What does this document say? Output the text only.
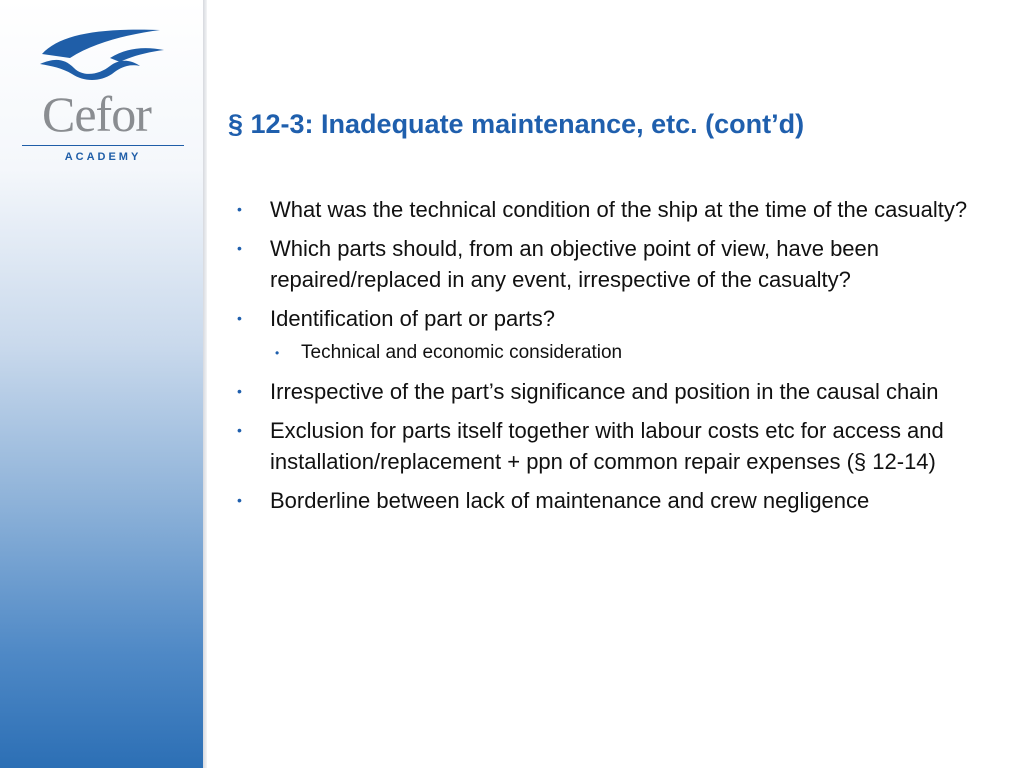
Cefor
ACADEMY
§ 12-3: Inadequate maintenance, etc. (cont’d)
• What was the technical condition of the ship at the time of the casualty?
• Which parts should, from an objective point of view, have been repaired/replaced in any event, irrespective of the casualty?
• Identification of part or parts?
• Technical and economic consideration
• Irrespective of the part’s significance and position in the causal chain
• Exclusion for parts itself together with labour costs etc for access and installation/replacement + ppn of common repair expenses (§ 12-14)
• Borderline between lack of maintenance and crew negligence
